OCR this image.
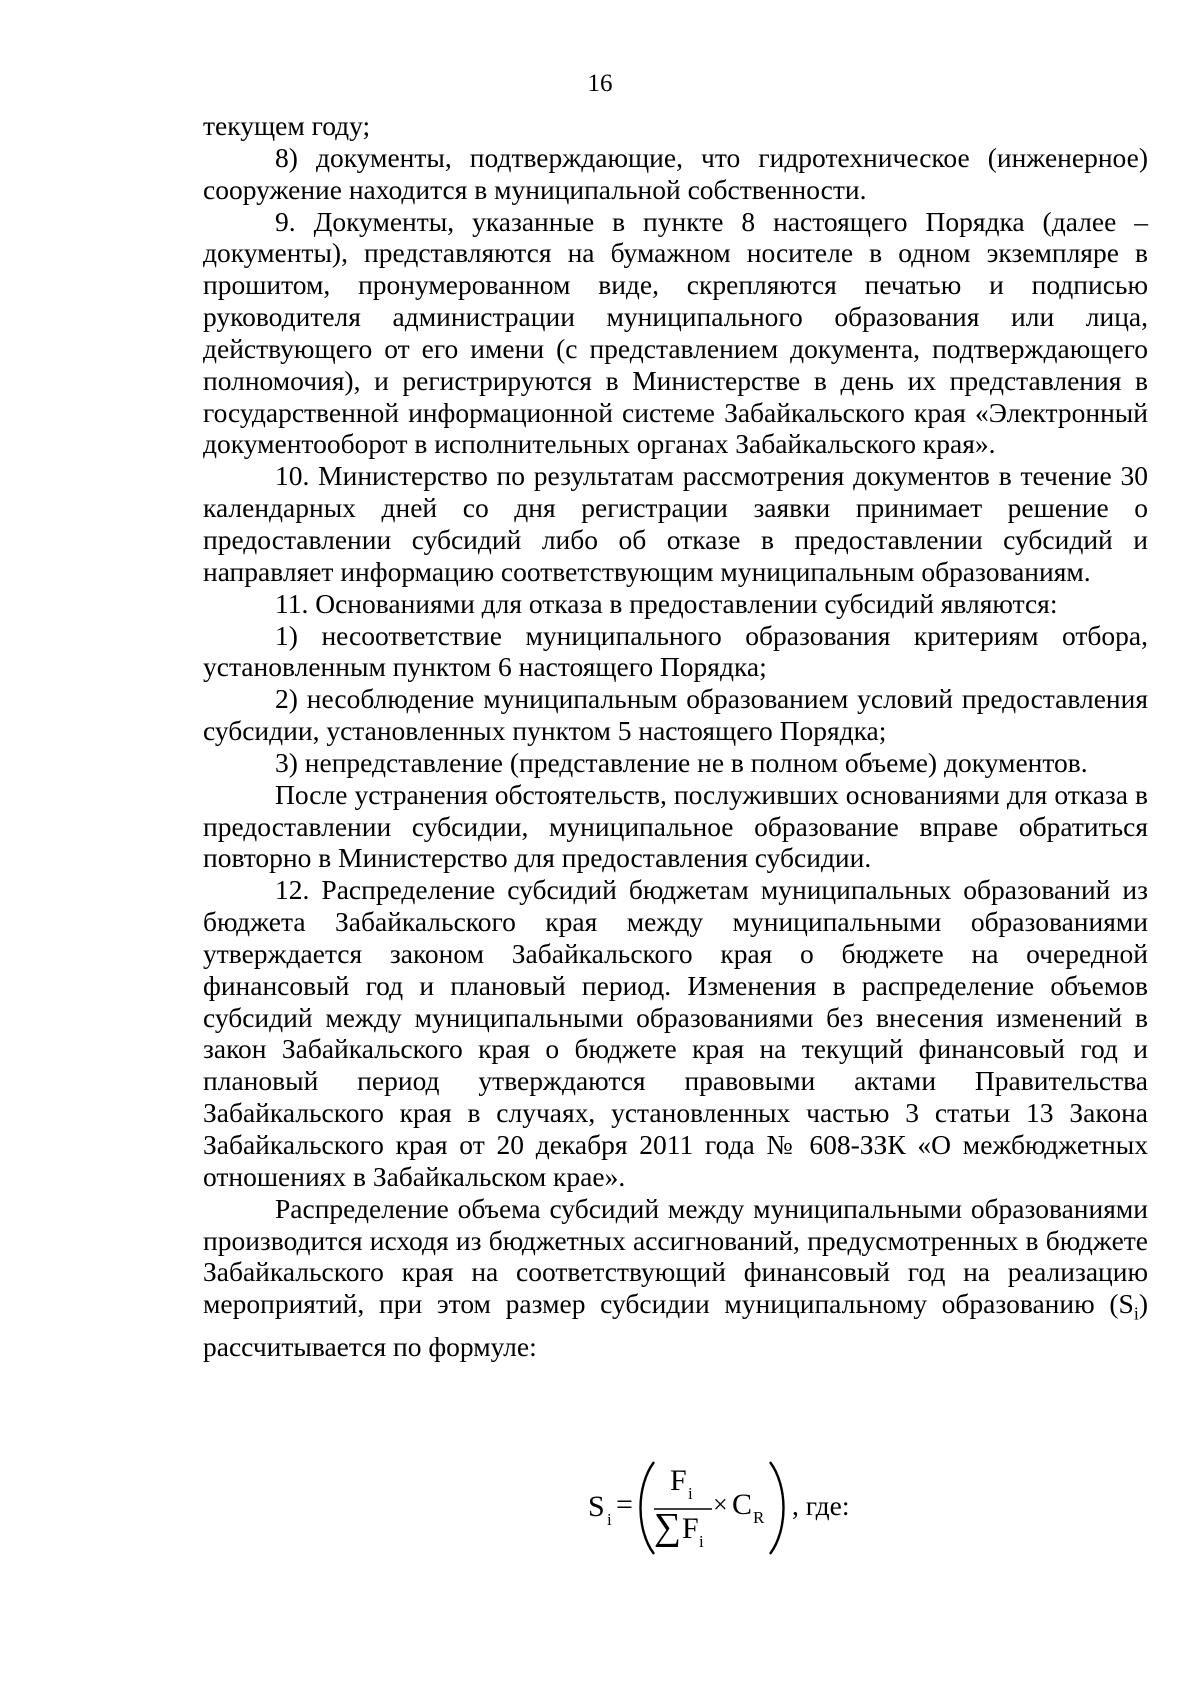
16

текущем году;

8) документы, подтверждающие, что гидротехническое (инженерное) сооружение находится в муниципальной собственности.

9. Документы, указанные в пункте 8 настоящего Порядка (далее – документы), представляются на бумажном носителе в одном экземпляре в прошитом, пронумерованном виде, скрепляются печатью и подписью руководителя администрации муниципального образования или лица, действующего от его имени (с представлением документа, подтверждающего полномочия), и регистрируются в Министерстве в день их представления в государственной информационной системе Забайкальского края «Электронный документооборот в исполнительных органах Забайкальского края».

10. Министерство по результатам рассмотрения документов в течение 30 календарных дней со дня регистрации заявки принимает решение о предоставлении субсидий либо об отказе в предоставлении субсидий и направляет информацию соответствующим муниципальным образованиям.

11. Основаниями для отказа в предоставлении субсидий являются:

1) несоответствие муниципального образования критериям отбора, установленным пунктом 6 настоящего Порядка;

2) несоблюдение муниципальным образованием условий предоставления субсидии, установленных пунктом 5 настоящего Порядка;

3) непредставление (представление не в полном объеме) документов.

После устранения обстоятельств, послуживших основаниями для отказа в предоставлении субсидии, муниципальное образование вправе обратиться повторно в Министерство для предоставления субсидии.

12. Распределение субсидий бюджетам муниципальных образований из бюджета Забайкальского края между муниципальными образованиями утверждается законом Забайкальского края о бюджете на очередной финансовый год и плановый период. Изменения в распределение объемов субсидий между муниципальными образованиями без внесения изменений в закон Забайкальского края о бюджете края на текущий финансовый год и плановый период утверждаются правовыми актами Правительства Забайкальского края в случаях, установленных частью 3 статьи 13 Закона Забайкальского края от 20 декабря 2011 года № 608-ЗЗК «О межбюджетных отношениях в Забайкальском крае».

Распределение объема субсидий между муниципальными образованиями производится исходя из бюджетных ассигнований, предусмотренных в бюджете Забайкальского края на соответствующий финансовый год на реализацию мероприятий, при этом размер субсидии муниципальному образованию $(S_i)$ рассчитывается по формуле:

S i =
F i
∑ F i
× C R , где:
